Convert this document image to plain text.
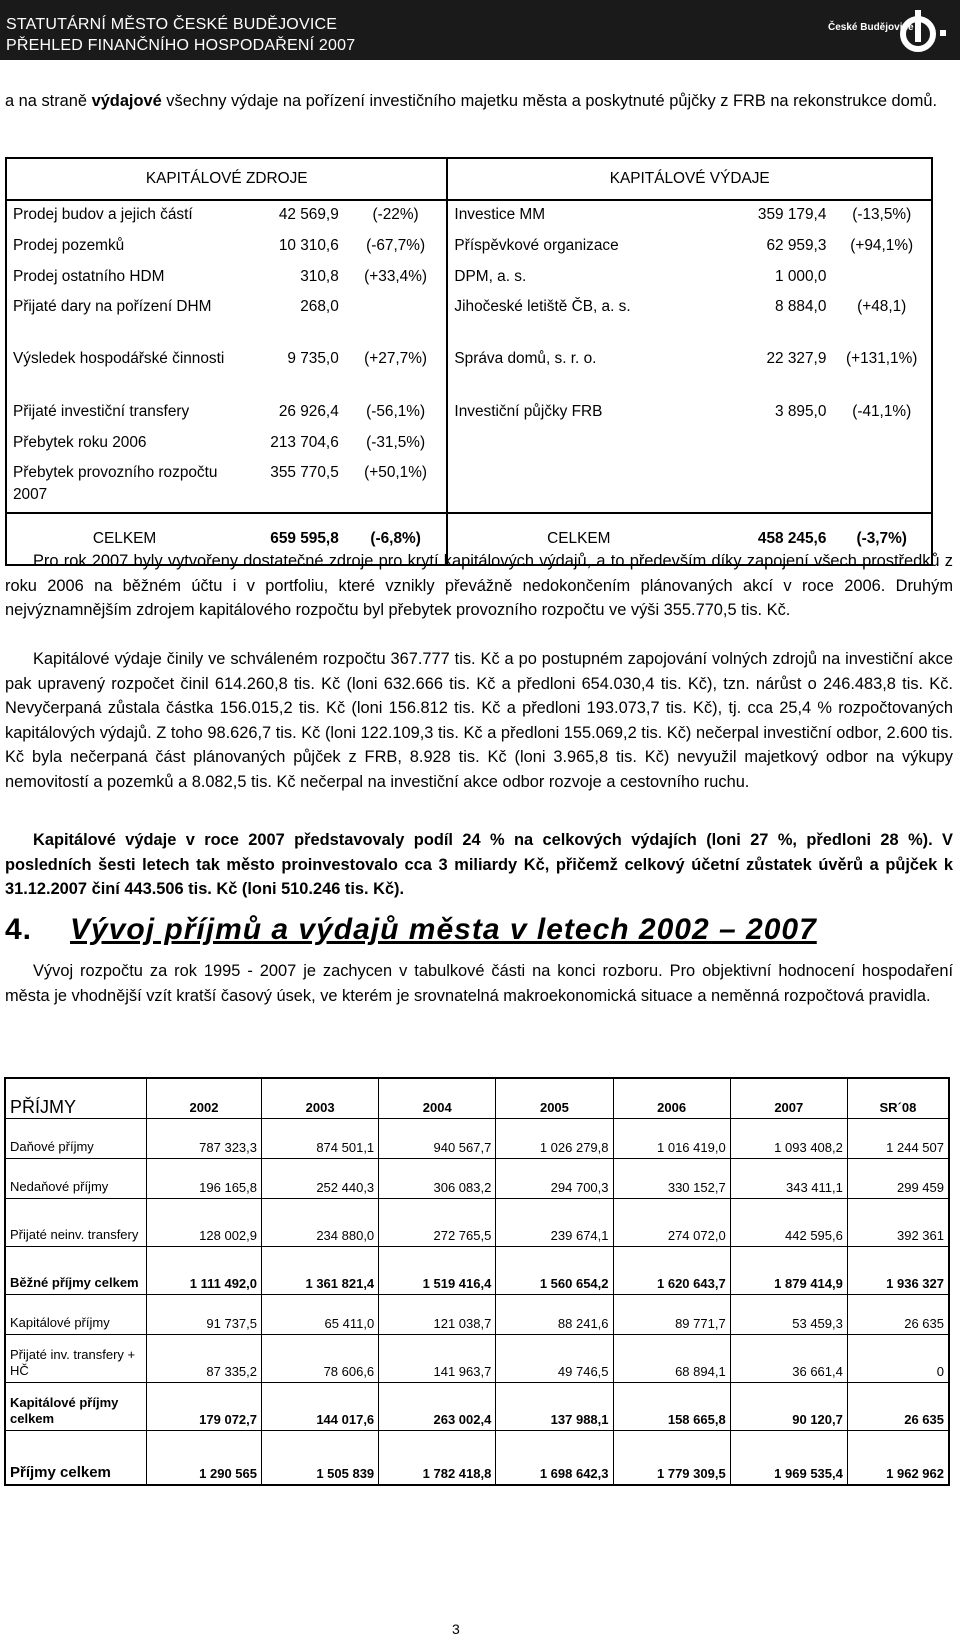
STATUTÁRNÍ MĚSTO ČESKÉ BUDĚJOVICE
PŘEHLED FINANČNÍHO HOSPODAŘENÍ 2007
České Budějovice
a na straně výdajové všechny výdaje na pořízení investičního majetku města a poskytnuté půjčky z FRB na rekonstrukce domů.
KAPITÁLOVÉ ZDROJE			KAPITÁLOVÉ VÝDAJE		
Prodej budov a jejich částí	42 569,9	(-22%)	Investice MM	359 179,4	(-13,5%)
Prodej pozemků	10 310,6	(-67,7%)	Příspěvkové organizace	62 959,3	(+94,1%)
Prodej ostatního HDM	310,8	(+33,4%)	DPM, a. s.	1 000,0	
Přijaté dary na pořízení DHM	268,0		Jihočeské letiště ČB, a. s.	8 884,0	(+48,1)
Výsledek hospodářské činnosti	9 735,0	(+27,7%)	Správa domů, s. r. o.	22 327,9	(+131,1%)
Přijaté investiční transfery	26 926,4	(-56,1%)	Investiční půjčky FRB	3 895,0	(-41,1%)
Přebytek roku 2006	213 704,6	(-31,5%)			
Přebytek provozního rozpočtu 2007	355 770,5	(+50,1%)			
CELKEM	659 595,8	(-6,8%)	CELKEM	458 245,6	(-3,7%)
Pro rok 2007 byly vytvořeny dostatečné zdroje pro krytí kapitálových výdajů, a to především díky zapojení všech prostředků z roku 2006 na běžném účtu i v portfoliu, které vznikly převážně nedokončením plánovaných akcí v roce 2006. Druhým nejvýznamnějším zdrojem kapitálového rozpočtu byl přebytek provozního rozpočtu ve výši 355.770,5 tis. Kč.
Kapitálové výdaje činily ve schváleném rozpočtu 367.777 tis. Kč a po postupném zapojování volných zdrojů na investiční akce pak upravený rozpočet činil 614.260,8 tis. Kč (loni 632.666 tis. Kč a předloni 654.030,4 tis. Kč), tzn. nárůst o 246.483,8 tis. Kč. Nevyčerpaná zůstala částka 156.015,2 tis. Kč (loni 156.812 tis. Kč a předloni 193.073,7 tis. Kč), tj. cca 25,4 % rozpočtovaných kapitálových výdajů. Z toho 98.626,7 tis. Kč (loni 122.109,3 tis. Kč a předloni 155.069,2 tis. Kč) nečerpal investiční odbor, 2.600 tis. Kč byla nečerpaná část plánovaných půjček z FRB, 8.928 tis. Kč (loni 3.965,8 tis. Kč) nevyužil majetkový odbor na výkupy nemovitostí a pozemků a 8.082,5 tis. Kč nečerpal na investiční akce odbor rozvoje a cestovního ruchu.
Kapitálové výdaje v roce 2007 představovaly podíl 24 % na celkových výdajích (loni 27 %, předloni 28 %). V posledních šesti letech tak město proinvestovalo cca 3 miliardy Kč, přičemž celkový účetní zůstatek úvěrů a půjček k 31.12.2007 činí 443.506 tis. Kč (loni 510.246 tis. Kč).
4. Vývoj příjmů a výdajů města v letech 2002 – 2007
Vývoj rozpočtu za rok 1995 - 2007 je zachycen v tabulkové části na konci rozboru. Pro objektivní hodnocení hospodaření města je vhodnější vzít kratší časový úsek, ve kterém je srovnatelná makroekonomická situace a neměnná rozpočtová pravidla.
PŘÍJMY	2002	2003	2004	2005	2006	2007	SR´08
Daňové příjmy	787 323,3	874 501,1	940 567,7	1 026 279,8	1 016 419,0	1 093 408,2	1 244 507
Nedaňové příjmy	196 165,8	252 440,3	306 083,2	294 700,3	330 152,7	343 411,1	299 459
Přijaté neinv. transfery	128 002,9	234 880,0	272 765,5	239 674,1	274 072,0	442 595,6	392 361
Běžné příjmy celkem	1 111 492,0	1 361 821,4	1 519 416,4	1 560 654,2	1 620 643,7	1 879 414,9	1 936 327
Kapitálové příjmy	91 737,5	65 411,0	121 038,7	88 241,6	89 771,7	53 459,3	26 635
Přijaté inv. transfery + HČ	87 335,2	78 606,6	141 963,7	49 746,5	68 894,1	36 661,4	0
Kapitálové příjmy celkem	179 072,7	144 017,6	263 002,4	137 988,1	158 665,8	90 120,7	26 635
Příjmy celkem	1 290 565	1 505 839	1 782 418,8	1 698 642,3	1 779 309,5	1 969 535,4	1 962 962
3
